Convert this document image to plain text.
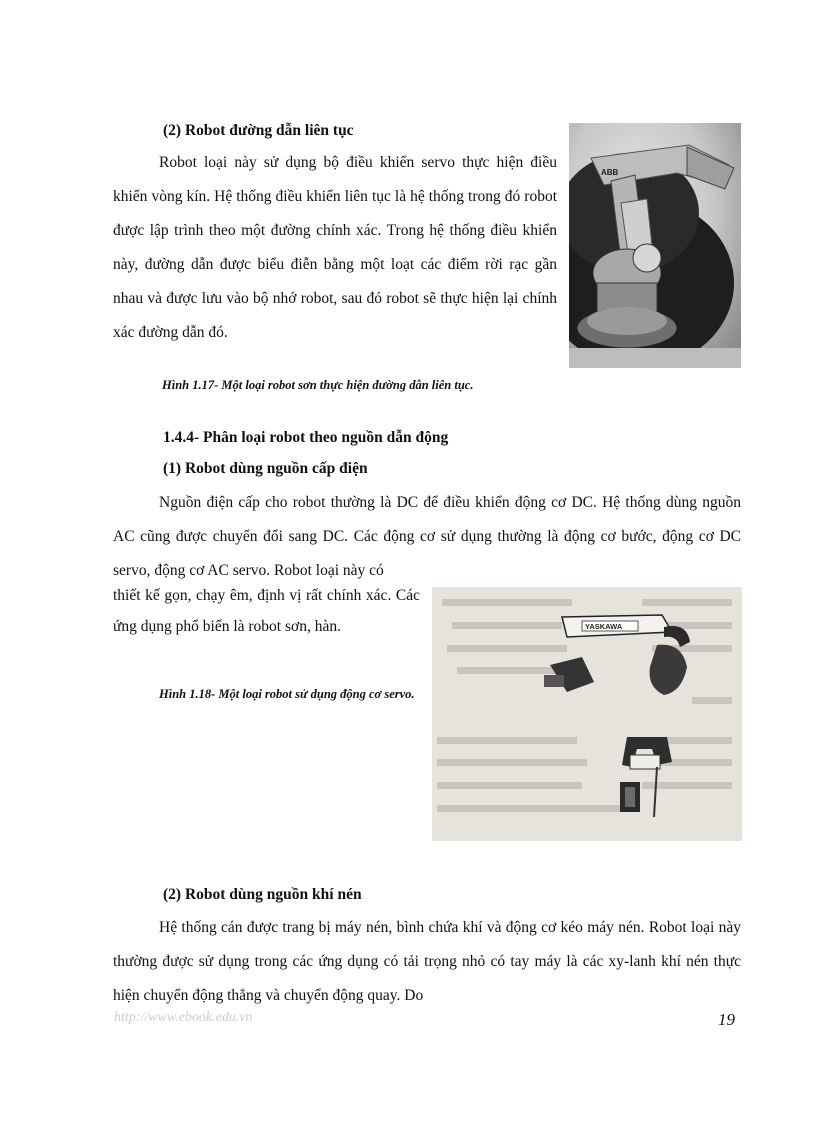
(2) Robot đường dẫn liên tục
Robot loại này sử dụng bộ điều khiển servo thực hiện điều khiển vòng kín. Hệ thống điều khiển liên tục là hệ thống trong đó robot được lập trình theo một đường chính xác. Trong hệ thống điều khiển này, đường dẫn được biểu điễn bằng một loạt các điểm rời rạc gần nhau và được lưu vào bộ nhớ robot, sau đó robot sẽ thực hiện lại chính xác đường dẫn đó.
ABB
Hình 1.17- Một loại robot sơn thực hiện đường dẫn liên tục.
1.4.4- Phân loại robot theo nguồn dẫn động
(1) Robot dùng nguồn cấp điện
Nguồn điện cấp cho robot thường là DC để điều khiển động cơ DC. Hệ thống dùng nguồn AC cũng được chuyển đổi sang DC. Các động cơ sử dụng thường là động cơ bước, động cơ DC servo, động cơ AC servo. Robot loại này có
thiết kế gọn, chạy êm, định vị rất chính xác. Các ứng dụng phổ biến là robot sơn, hàn.
Hình 1.18- Một loại robot sử dụng động cơ servo.
YASKAWA
(2) Robot dùng nguồn khí nén
Hệ thống cán được trang bị máy nén, bình chứa khí và động cơ kéo máy nén. Robot loại này thường được sử dụng trong các ứng dụng có tải trọng nhỏ có tay máy là các xy-lanh khí nén thực hiện chuyển động thẳng và chuyển động quay. Do
http://www.ebook.edu.vn	19
